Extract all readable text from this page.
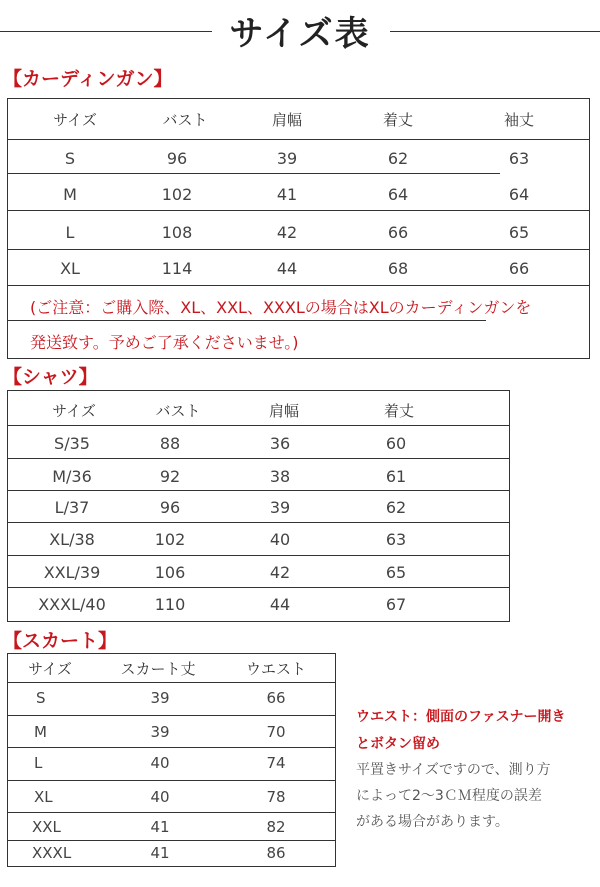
サイズ表
【カーディンガン】
サイズ	バスト	肩幅	着丈	袖丈
S	96	39	62	63
M	102	41	64	64
L	108	42	66	65
XL	114	44	68	66
(ご注意：ご購入際、XL、XXL、XXXLの場合はXLのカーディンガンを
発送致す。予めご了承くださいませ。)
【シャツ】
サイズ	バスト	肩幅	着丈
S/35	88	36	60
M/36	92	38	61
L/37	96	39	62
XL/38	102	40	63
XXL/39	106	42	65
XXXL/40	110	44	67
【スカート】
サイズ	スカート丈	ウエスト
S	39	66
M	39	70
L	40	74
XL	40	78
XXL	41	82
XXXL	41	86
ウエスト：側面のファスナー開き
とボタン留め
平置きサイズですので、測り方
によって2～3ＣＭ程度の誤差
がある場合があります。
